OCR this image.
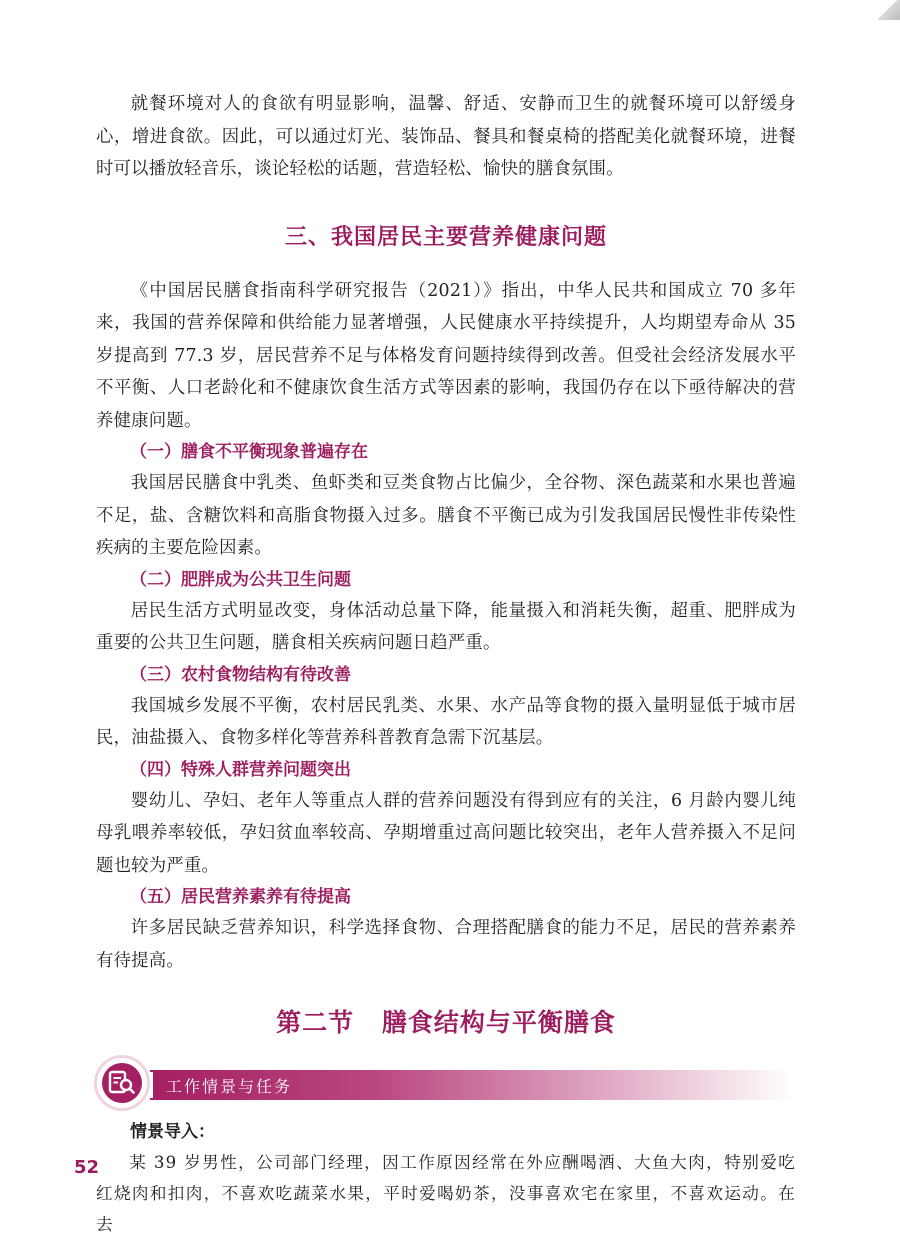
就餐环境对人的食欲有明显影响，温馨、舒适、安静而卫生的就餐环境可以舒缓身心，增进食欲。因此，可以通过灯光、装饰品、餐具和餐桌椅的搭配美化就餐环境，进餐时可以播放轻音乐，谈论轻松的话题，营造轻松、愉快的膳食氛围。

三、我国居民主要营养健康问题

《中国居民膳食指南科学研究报告（2021）》指出，中华人民共和国成立 70 多年来，我国的营养保障和供给能力显著增强，人民健康水平持续提升，人均期望寿命从 35 岁提高到 77.3 岁，居民营养不足与体格发育问题持续得到改善。但受社会经济发展水平不平衡、人口老龄化和不健康饮食生活方式等因素的影响，我国仍存在以下亟待解决的营养健康问题。

（一）膳食不平衡现象普遍存在

我国居民膳食中乳类、鱼虾类和豆类食物占比偏少，全谷物、深色蔬菜和水果也普遍不足，盐、含糖饮料和高脂食物摄入过多。膳食不平衡已成为引发我国居民慢性非传染性疾病的主要危险因素。

（二）肥胖成为公共卫生问题

居民生活方式明显改变，身体活动总量下降，能量摄入和消耗失衡，超重、肥胖成为重要的公共卫生问题，膳食相关疾病问题日趋严重。

（三）农村食物结构有待改善

我国城乡发展不平衡，农村居民乳类、水果、水产品等食物的摄入量明显低于城市居民，油盐摄入、食物多样化等营养科普教育急需下沉基层。

（四）特殊人群营养问题突出

婴幼儿、孕妇、老年人等重点人群的营养问题没有得到应有的关注，6 月龄内婴儿纯母乳喂养率较低，孕妇贫血率较高、孕期增重过高问题比较突出，老年人营养摄入不足问题也较为严重。

（五）居民营养素养有待提高

许多居民缺乏营养知识，科学选择食物、合理搭配膳食的能力不足，居民的营养素养有待提高。

第二节 膳食结构与平衡膳食
工作情景与任务
情景导入：

某 39 岁男性，公司部门经理，因工作原因经常在外应酬喝酒、大鱼大肉，特别爱吃红烧肉和扣肉，不喜欢吃蔬菜水果，平时爱喝奶茶，没事喜欢宅在家里，不喜欢运动。在去

52
